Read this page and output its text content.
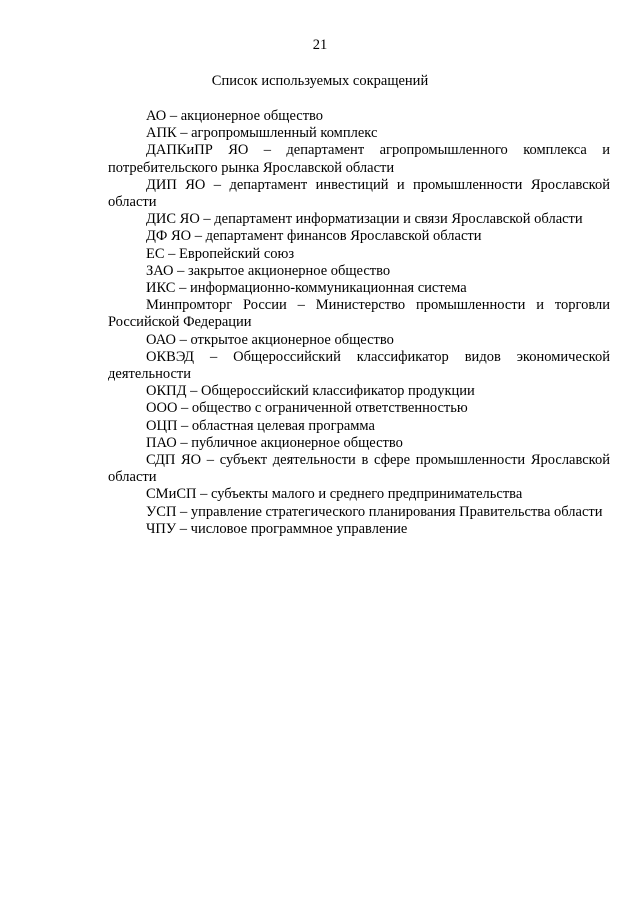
21
Список используемых сокращений
АО – акционерное общество
АПК – агропромышленный комплекс
ДАПКиПР ЯО – департамент агропромышленного комплекса и потребительского рынка Ярославской области
ДИП ЯО – департамент инвестиций и промышленности Ярославской области
ДИС ЯО – департамент информатизации и связи Ярославской области
ДФ ЯО – департамент финансов Ярославской области
ЕС – Европейский союз
ЗАО – закрытое акционерное общество
ИКС – информационно-коммуникационная система
Минпромторг России – Министерство промышленности и торговли Российской Федерации
ОАО – открытое акционерное общество
ОКВЭД – Общероссийский классификатор видов экономической деятельности
ОКПД – Общероссийский классификатор продукции
ООО – общество с ограниченной ответственностью
ОЦП – областная целевая программа
ПАО – публичное акционерное общество
СДП ЯО – субъект деятельности в сфере промышленности Ярославской области
СМиСП – субъекты малого и среднего предпринимательства
УСП – управление стратегического планирования Правительства области
ЧПУ – числовое программное управление
